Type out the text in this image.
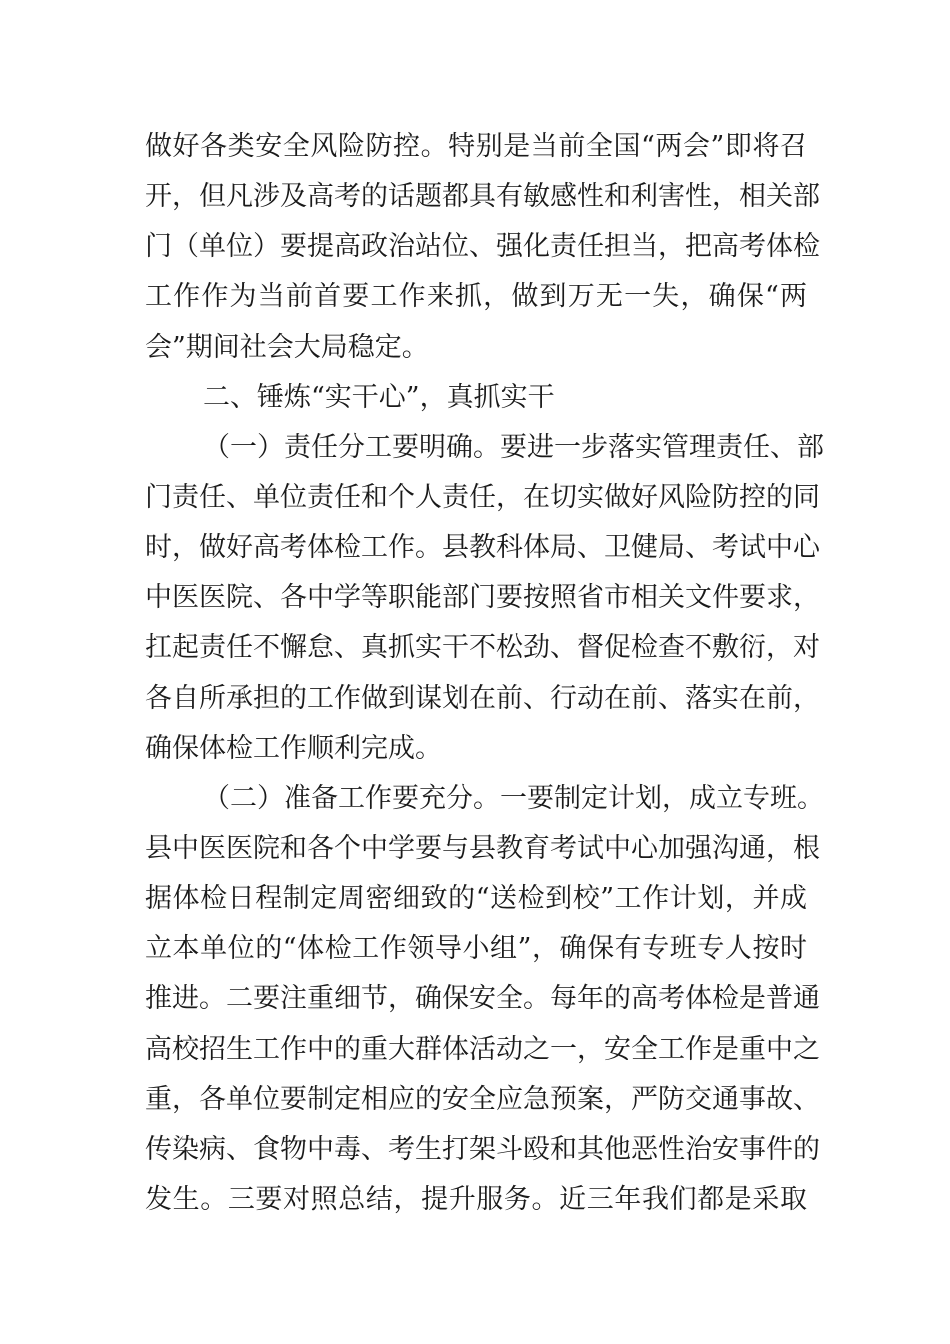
做好各类安全风险防控。特别是当前全国“两会”即将召
开，但凡涉及高考的话题都具有敏感性和利害性，相关部
门（单位）要提高政治站位、强化责任担当，把高考体检
工作作为当前首要工作来抓，做到万无一失，确保“两
会”期间社会大局稳定。
二、锤炼“实干心”，真抓实干
（一）责任分工要明确。要进一步落实管理责任、部
门责任、单位责任和个人责任，在切实做好风险防控的同
时，做好高考体检工作。县教科体局、卫健局、考试中心
中医医院、各中学等职能部门要按照省市相关文件要求，
扛起责任不懈怠、真抓实干不松劲、督促检查不敷衍，对
各自所承担的工作做到谋划在前、行动在前、落实在前，
确保体检工作顺利完成。
（二）准备工作要充分。一要制定计划，成立专班。
县中医医院和各个中学要与县教育考试中心加强沟通，根
据体检日程制定周密细致的“送检到校”工作计划，并成
立本单位的“体检工作领导小组”，确保有专班专人按时
推进。二要注重细节，确保安全。每年的高考体检是普通
高校招生工作中的重大群体活动之一，安全工作是重中之
重，各单位要制定相应的安全应急预案，严防交通事故、
传染病、食物中毒、考生打架斗殴和其他恶性治安事件的
发生。三要对照总结，提升服务。近三年我们都是采取
